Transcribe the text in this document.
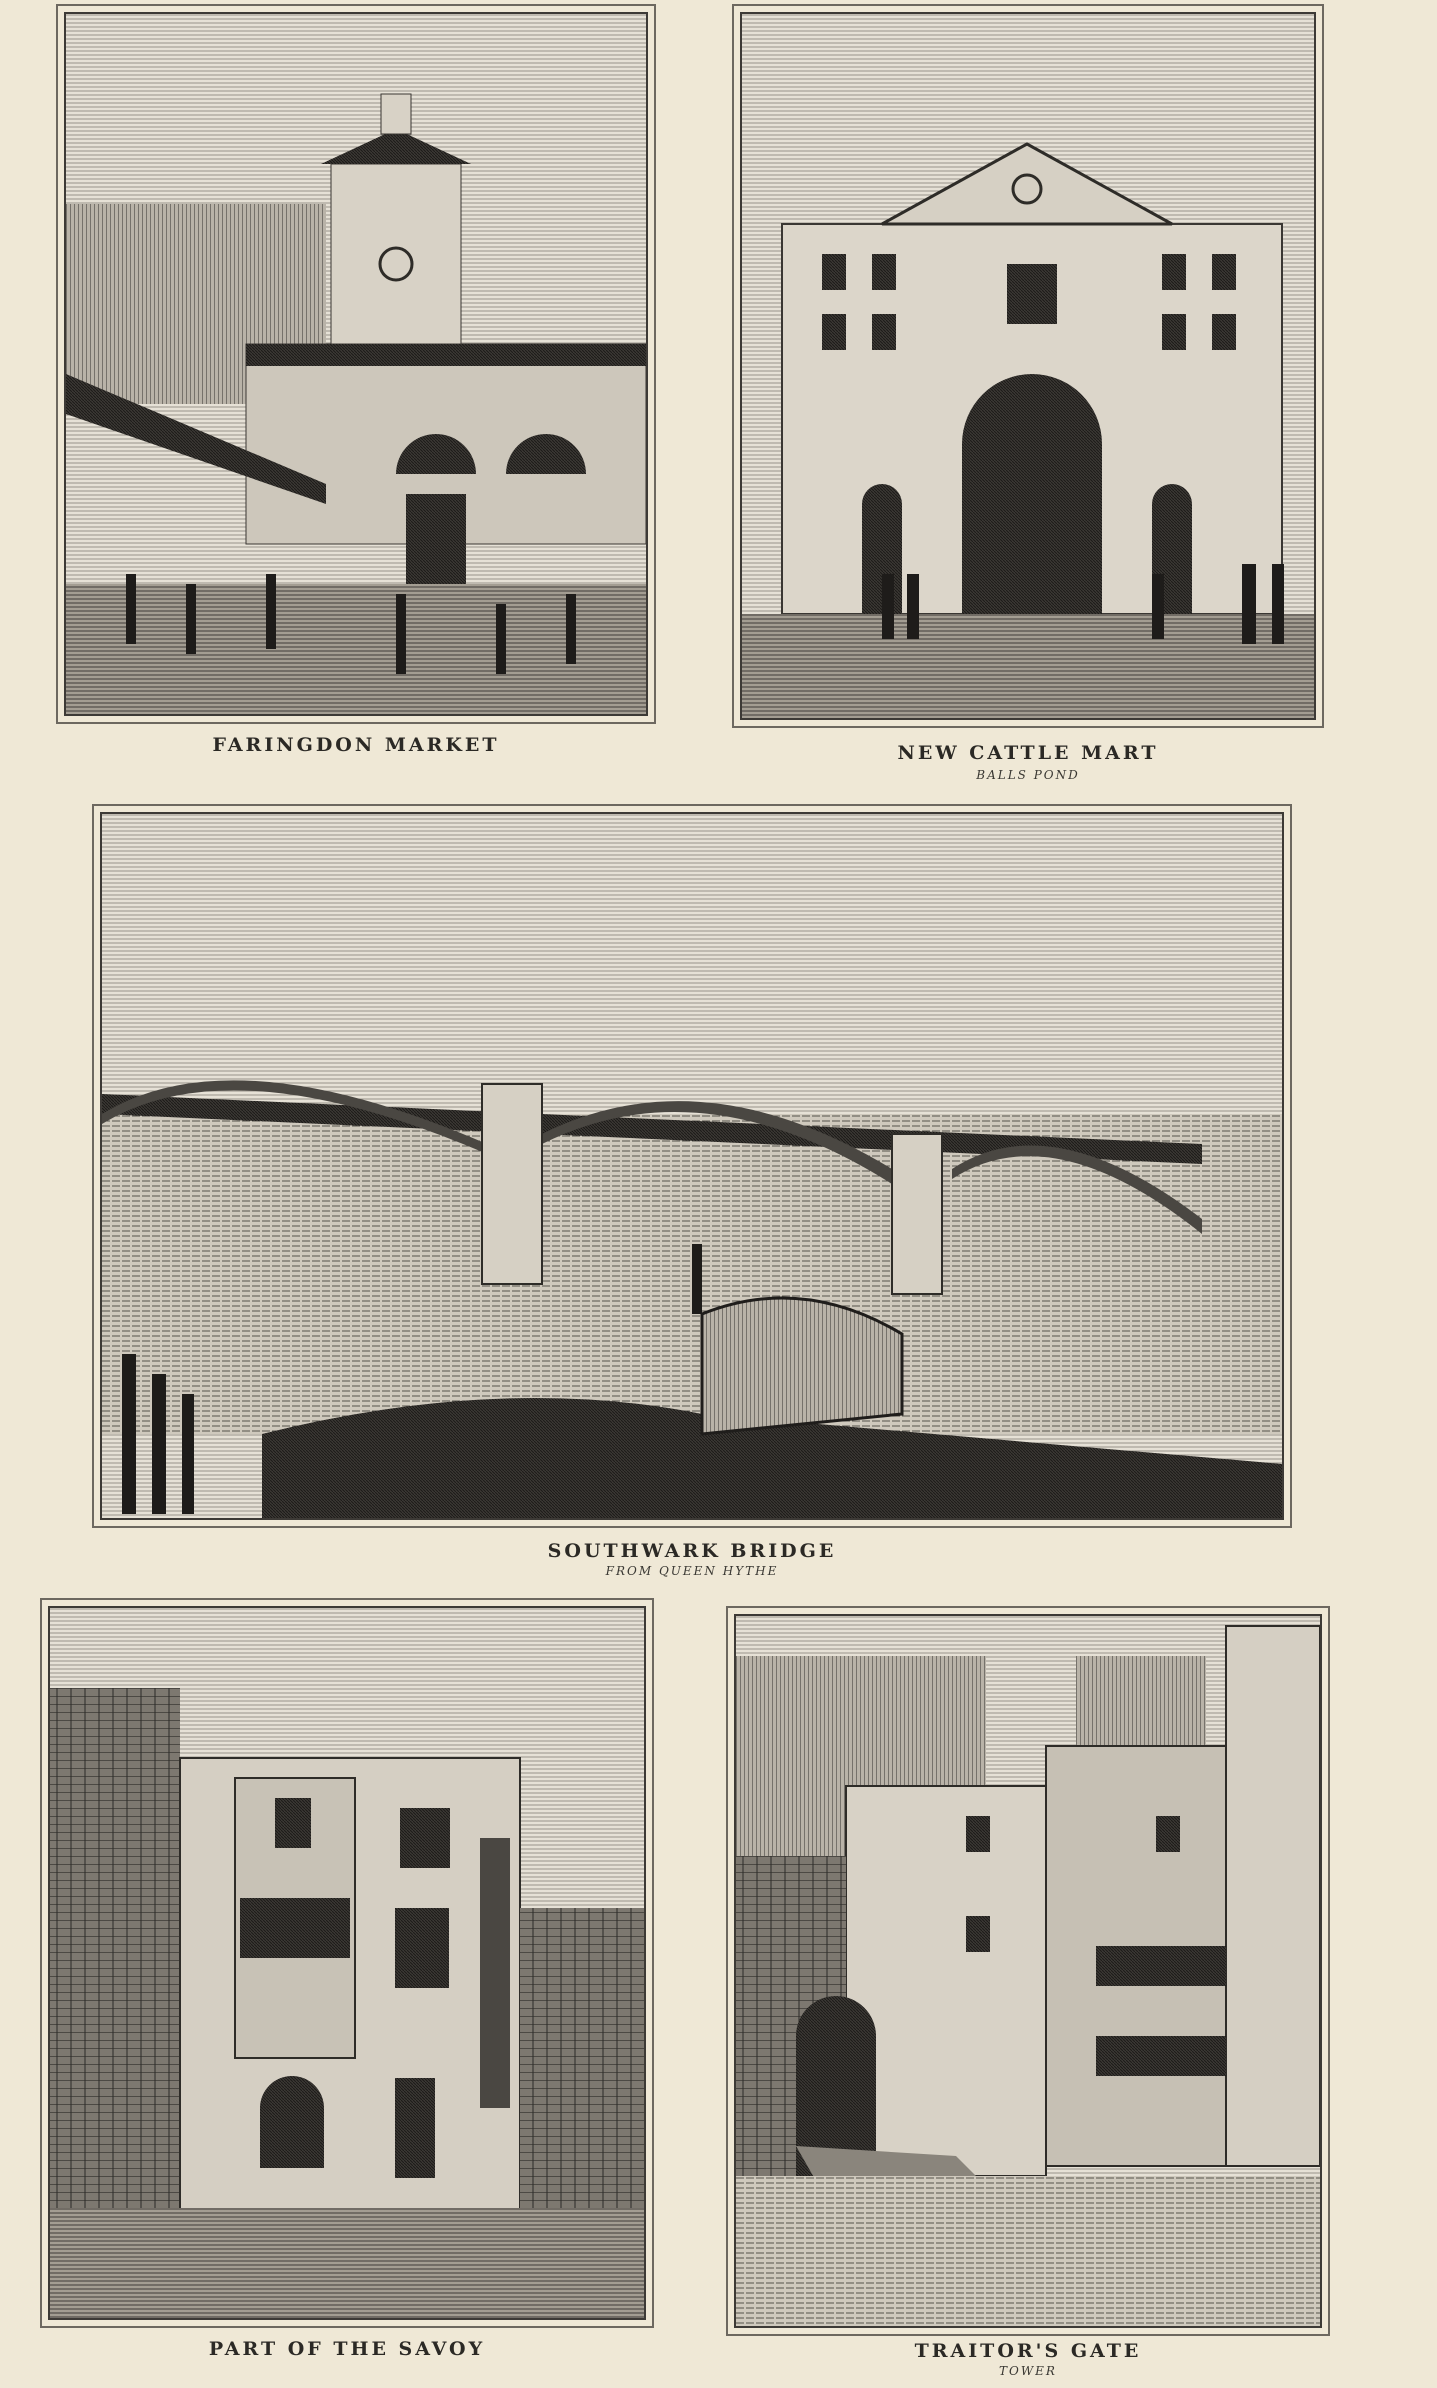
FARINGDON MARKET	NEW CATTLE MART
BALLS POND
SOUTHWARK BRIDGE
FROM QUEEN HYTHE
PART OF THE SAVOY	TRAITOR'S GATE
TOWER
